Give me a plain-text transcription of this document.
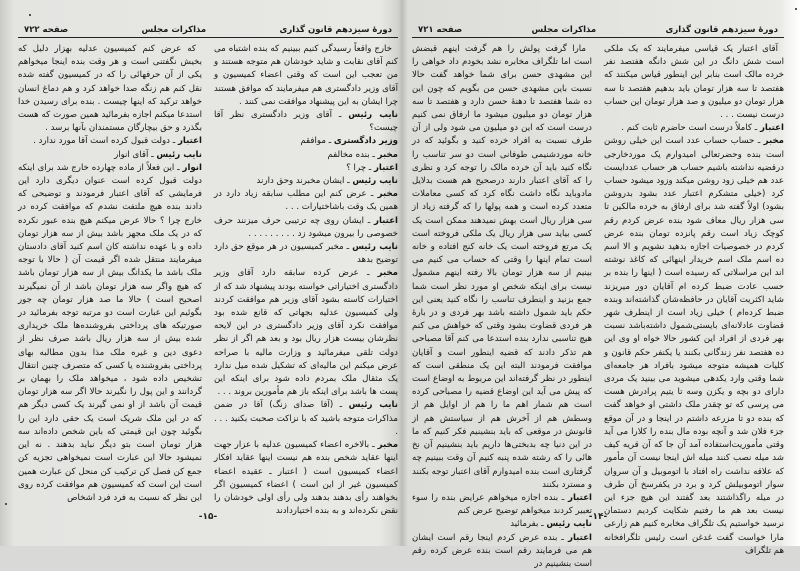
دورهٔ سیزدهم قانون گذاری
مذاکرات مجلس
صفحه ۷۲۲

خارج واقعاً رسیدگی کنیم ببینیم که بنده اشتباه می کنم آقای نقابت و شاید خودشان هم متوجه هستند و من تعجب این است که وقتی اعضاء کمیسیون و آقای وزیر دادگستری هم میفرمایند که موافق هستند چرا ایشان به این پیشنهاد موافقت نمی کنند .

نایب رئیس ـ آقای وزیر دادگستری نظر آقا چیست؟

وزیر دادگستری ـ موافقم

مخبر ـ بنده مخالفم

اعتبار ـ چرا ؟

نایب رئیس ـ ایشان مخبرند وحق دارند

مخبر ـ عرض کنم این مطلب سابقه زیاد دارد در همین یک وقت باشاختیارات . . .

اعتبار ـ ایشان روی چه ترتیبی حرف میزنند حرف خصوصی را بیرون میشود زد . . . . . . . . .

نایب رئیس ـ مخبر کمیسیون در هر موقع حق دارد توضیح بدهد

مخبر ـ عرض کرده سابقه دارد آقای وزیر دادگستری اختیاراتی خواسته بودند پیشنهاد شد که از اختیارات کاسته بشود آقای وزیر هم موافقت کردند ولی کمیسیون عدلیه بجهاتی که قانع شده بود موافقت نکرد آقای وزیر دادگستری در این لایحه نظرشان بیست هزار ریال بود و بعد هم اگر از نظر دولت تلقی میفرمائید و وزارت مالیه با صراحه عرض میکنم این مالیه‌ای که تشکیل شده میل ندارد یک مثقال ملک بمردم داده شود برای اینکه این پست ها باشد برای اینکه باز هم مأمورین بروند . . .

نایب رئیس ـ (آقا صدای زنگ) آقا در ضمن مذاکرات متوجه باشید که با نزاکت صحبت بکنید . . . .

مخبر ـ بالاخره اعضاء کمیسیون عدلیه با عزار جهت اینها عقاید شخص بنده هم نیست اینها عقاید افکار اعضاء کمیسیون است ( اعتبار ـ عقیده اعضاء کمیسیون غیر از این است ) اعضاء کمیسیون اگر بخواهند رأی بدهند بدهند ولی رأی اولی خودشان را نقض نکرده‌اند و به بنده اختیاردادند

که عرض کنم کمیسیون عدلیه بهزار دلیل که بخیش نگفتنی است و هر وقت بنده اینجا میخواهم یکی از آن حرفهائی را که در کمیسیون گفته شده نقل کنم هم زنگه صدا خواهد کرد و هم دماغ انسان خواهد ترکید که اینها چیست . بنده برای رسیدن خدا استدعا میکنم اجازه بفرمائید همین صورت که هست بگذرد و حق بیچارگان مستمندان بآنها برسد .

اعتبار ـ دولت قبول کرده است آقا مورد ندارد .

نایب رئیس ـ آقای انوار

انوار ـ این فعلاً از ماده چهارده خارج شد برای اینکه دولت قبول کرده است عنوان دیگری دارد این فرمایشی که آقای اعتبار فرمودند و توضیحی که دادند بنده هیچ ملتفت نشدم که موافقت کرده در خارج چرا ؟ حالا عرض میکنم هیچ بنده عبور نکرده که در یک ملک مجهز باشد بیش از سه هزار تومان داده و با عهده نداشته کان اسم کنید آقای دادستان میفرمایند منتقل شده اگر قیمت آن ( حالا با توجه ملک باشد ما یکدانگ بیش از سه هزار تومان باشد که هیچ واگر سه هزار تومان باشد از آن نمیگیرند اصحیح است ) حالا ما صد هزار تومان چه جور بگوئیم این عبارت است دو مرتبه توجه بفرمائید در صورتیکه های پرداختی بفروشنده‌ها ملک خریداری شده بیش از سه هزار ریال باشد صرف نظر از دعوی دین و غیره ملک مذا بدون مطالبه بهای پرداختی بفروشنده یا کسی که متصرف چنین انتقال تشخیص داده شود ، میخواهد ملک را بهمان بر گردانند و این پول را نگیرند حالا اگر سه هزار تومان قیمت آن باشد از او نمی گیرند یک کسی دیگر هم که در این ملک شریک است یک حقی دارد این را بگوئید چون این قیمتی که باین شخص داده‌اند سه هزار تومان است بتو دیگر نباید بدهند . نه این نمیشود حالا این عبارت است نمیخواهی تجزیه کن جمع کن فصل کن ترکیب کن منحل کن عبارت همین است این است که کمیسیون هم موافقت کرده روی این نظر که نسبت به فرد فرد اشخاص

-۱۵-
دورهٔ سیزدهم قانون گذاری
مذاکرات مجلس
صفحه ۷۲۱

آقای اعتبار یک قیاسی میفرمایند که یک ملکی است شش دانگ در این شش دانگه هفتصد نفر خرده مالک است بنابر این اینطور قیاس میکنند که هفتصد تا سه هزار تومان باید بدهیم هفتصد تا سه هزار تومان دو میلیون و صد هزار تومان این حساب درست نیست . . .

اعتبار ـ کاملاً درست است حاضرم ثابت کنم .

مخبر ـ حساب حساب عدد است این خیلی روشن است بنده وحضرتعالی امیدوارم یک موردخارجی درقضیه نداشته باشیم حساب هر حساب عددایست عدد هم خیلی زود روشن میکند وزود میشود حساب کرد (خیلی متشکرم اعتبار عدد بشود بدروشن بشود) اولاً گفته شد برای ارفاق به خرده مالکین تا سی هزار ریال معاف شود بنده عرض کردم رقم کوچک زیاد است رقم پانزده تومان بنده عرض کردم در خصوصیات اجازه بدهید نشویم و الا اسم ده اسم ملک اسم خریدار اینهائی که کاغذ نوشته اند این مراسلاتی که رسیده است ( اینها را بنده بر حسب عادت ضبط کرده ام آقایان دور میریزند شاید اکثریت آقایان در حافظه‌شان گذاشته‌اند وبنده ضبط کرده‌ام ) خیلی زیاد است از اینطرف شهر قضاوت عادلانه‌ای بایستی‌شمول داشته‌باشد نسبت بهر فردی از افراد این کشور حالا خواه او وی این ده هفتصد نفر زندگانی بکنند یا یکنفر حکم قانون و کلیات همیشه متوجه میشود بافراد هر جامعه‌ای شما وقتی وارد یکدهی میشوید می بینید یک مردی دارای دو بچه و یکزن وسه تا یتیم پرادرش هست می پرسی که تو چقدر ملک داشتی او خواهد گفت که بنده دو تا مزرعه داشتم در اینجا و در آن موقع جزء فلان شد و آنچه بوده مال بنده را کلارا می آید وقتی مأموریت‌استفاده آمد آن جا که آن قریه کیف شد میله نصب کنند میله اش اینجا نیست آن مأمور که علاقه نداشت راه افتاد با اتوموبیل و آن سروان سوار اتوموبیلش کرد و برد در یکفرسخ آن طرف در میله راگذاشتند بعد گفتند این هیچ جزء این نیست بعد هم ما رفتیم شکایت کردیم دستمان نرسید خواستیم یک تلگراف مخابره کنیم هم زارعی مارا خواست گفت غدغن است رئیس تلگرافخانه هم تلگراف

مارا گرفت پولش را هم گرفت اینهم قبضش است اما تلگراف مخابره نشد بخودم داد خواهی را این مشهدی حسن برای شما خواهد گفت حالا نسبت باین مشهدی حسن من بگویم که چون این ده شما هفتصد تا دهنهٔ حسن دارد و هفتصد تا سه هزار تومان دو میلیون میشود ما ارفاق نمی کنیم درست است که این دو میلیون می شود ولی از آن طرف نسبت به افراد خرده کنید و بگوئید که در خانه موردشنیمی طوفانی است دو سر تناسب را نگاه کنید باید آن خرده مالک را توجه کرد و نظری را که آقای اعتبار دارند درصحیح هم هست بدلایل مادوباید نگاه داشت نگاه کرد که کسی معاملات متعدد کرده است و همه پولها را که گرفته زیاد از سی هزار ریال است بهش نمیدهند ممکن است یک کسی بیاید سی هزار ریال یک ملکی فروخته است یک مرتع فروخته است یک خانه کنج افتاده و خانه است تمام اینها را وقتی که حساب می کنیم می بینیم از سه هزار تومان بالا رفته اینهم مشمول نیست برای اینکه شخص او مورد نظر است شما جمع بزنید و اینطرف تناسب را نگاه کنید یعنی این حکم باید شمول داشته باشد بهر فردی و در بارهٔ هر فردی قضاوت بشود وقتی که خواهش می کنم هیچ تناسبی ندارد بنده استدعا می کنم آقا مصباحی هم تذکر دادند که قضیه اینطور است و آقایان موافقت فرمودند البته این یک منطقی است که اینطور در نظر گرفته‌اند این مربوط به اوضاع است که پیش می آید این اوضاع قضیه را مصباحی کرده است هم شمار اهم ما را هم از اوایل هم از وسطش هم از آخرش هم از سیاستش هم از قانونش در موقعی که باید بنشینیم فکر کنیم که ما در این دنیا چه بدبختی‌ها داریم باید بنشینیم آن نخ هائی را که رشته شده پنبه کنیم آن وقت ببینیم چه گرفتاری است بنده امیدوارم آقای اعتبار توجه بکنند و مسترد بکنند

اعتبار ـ بنده اجازه میخواهم عرایض بنده را سوء تعبیر کردند میخواهم توضیح عرض کنم

نایب رئیس ـ بفرمائید

اعتبار ـ بنده عرض کردم اینجا رقم است ایشان هم می فرمایند رقم است بنده عرض کرده رقم است بنشینیم در

-۱۴-
